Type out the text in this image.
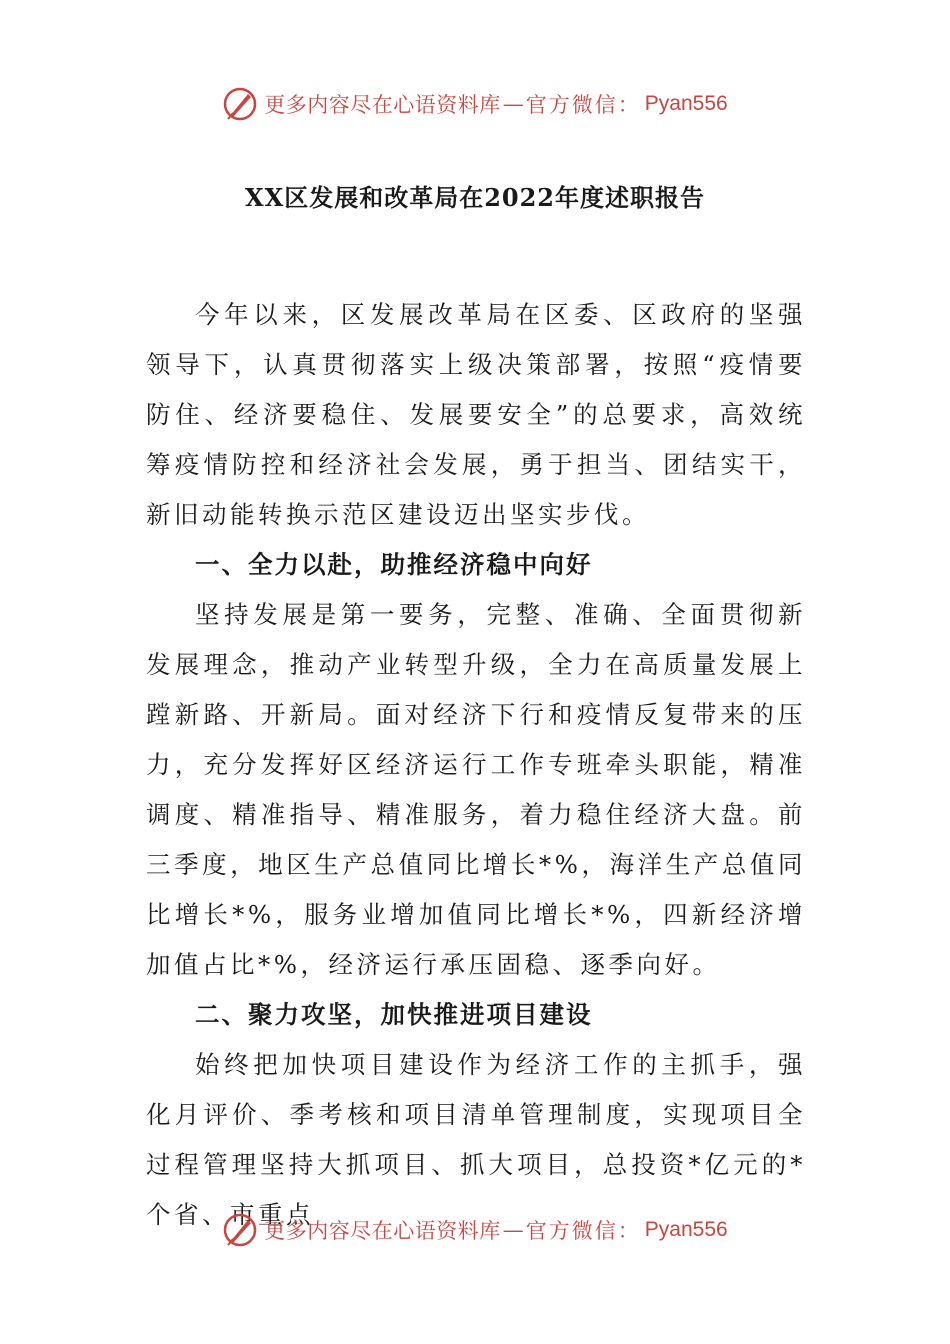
更多内容尽在心语资料库 — 官方微信： Pyan556
XX区发展和改革局在2022年度述职报告

今年以来，区发展改革局在区委、区政府的坚强领导下，认真贯彻落实上级决策部署，按照“疫情要防住、经济要稳住、发展要安全”的总要求，高效统筹疫情防控和经济社会发展，勇于担当、团结实干，新旧动能转换示范区建设迈出坚实步伐。

一、全力以赴，助推经济稳中向好

坚持发展是第一要务，完整、准确、全面贯彻新发展理念，推动产业转型升级，全力在高质量发展上蹚新路、开新局。面对经济下行和疫情反复带来的压力，充分发挥好区经济运行工作专班牵头职能，精准调度、精准指导、精准服务，着力稳住经济大盘。前三季度，地区生产总值同比增长*%，海洋生产总值同比增长*%，服务业增加值同比增长*%，四新经济增加值占比*%，经济运行承压固稳、逐季向好。

二、聚力攻坚，加快推进项目建设

始终把加快项目建设作为经济工作的主抓手，强化月评价、季考核和项目清单管理制度，实现项目全过程管理坚持大抓项目、抓大项目，总投资*亿元的*个省、市重点

更多内容尽在心语资料库 — 官方微信： Pyan556
